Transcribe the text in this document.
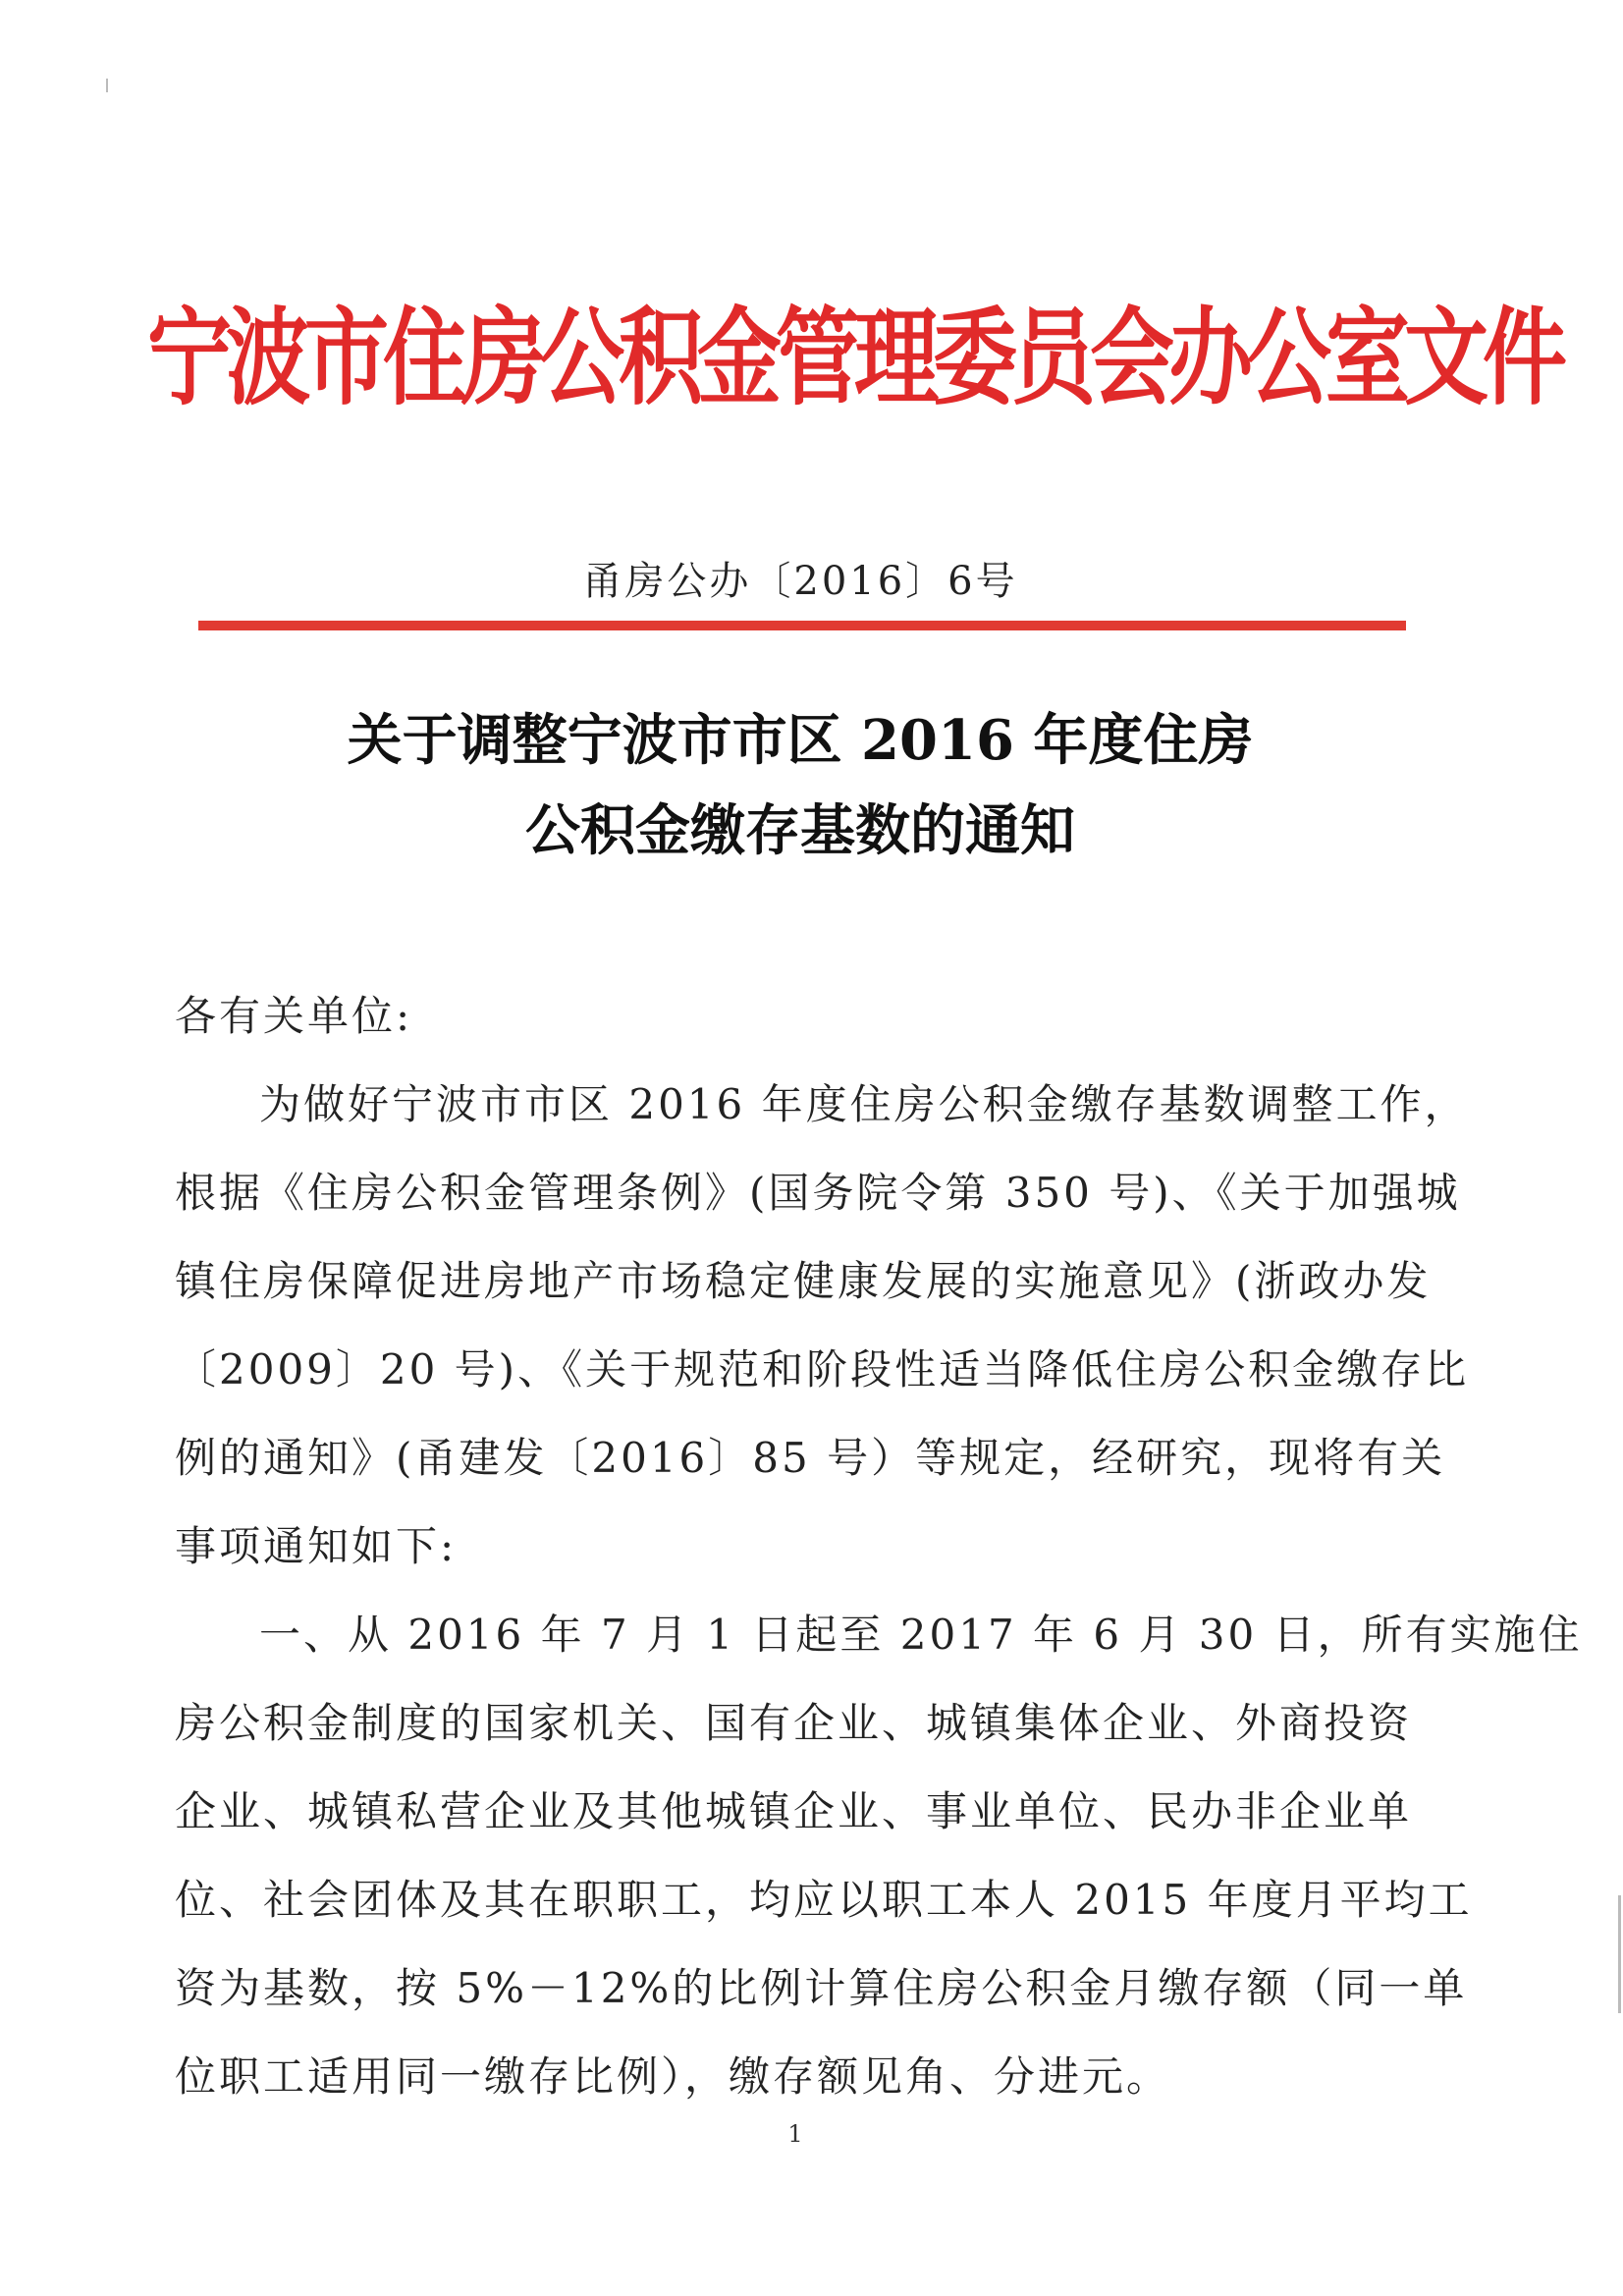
宁波市住房公积金管理委员会办公室文件
甬房公办〔2016〕6号
关于调整宁波市市区 2016 年度住房
公积金缴存基数的通知
各有关单位:
为做好宁波市市区 2016 年度住房公积金缴存基数调整工作，
根据《住房公积金管理条例》(国务院令第 350 号)、《关于加强城
镇住房保障促进房地产市场稳定健康发展的实施意见》(浙政办发
〔2009〕20 号)、《关于规范和阶段性适当降低住房公积金缴存比
例的通知》(甬建发〔2016〕85 号）等规定，经研究，现将有关
事项通知如下:
一、从 2016 年 7 月 1 日起至 2017 年 6 月 30 日，所有实施住
房公积金制度的国家机关、国有企业、城镇集体企业、外商投资
企业、城镇私营企业及其他城镇企业、事业单位、民办非企业单
位、社会团体及其在职职工，均应以职工本人 2015 年度月平均工
资为基数，按 5%－12%的比例计算住房公积金月缴存额（同一单
位职工适用同一缴存比例），缴存额见角、分进元。
1
